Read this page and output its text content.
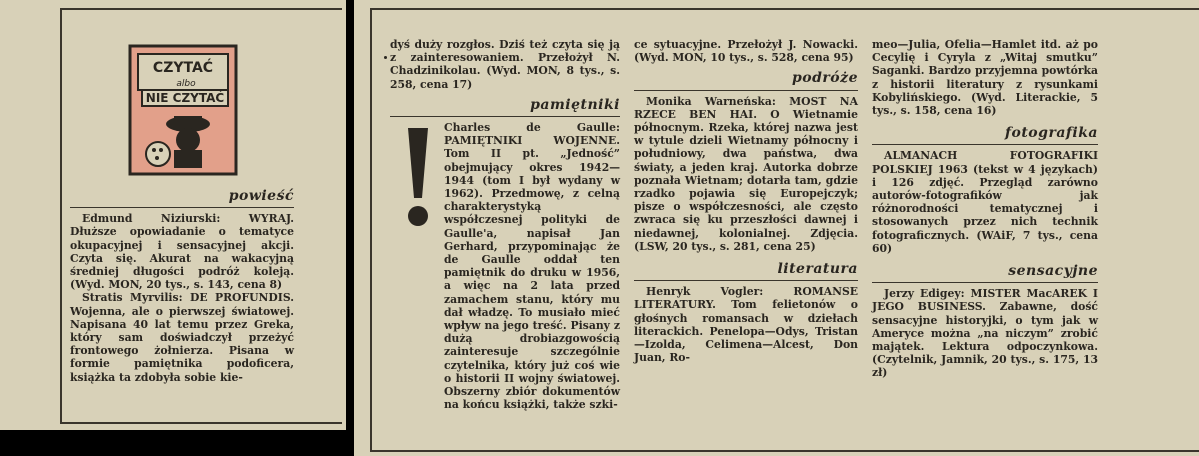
CZYTAĆ
albo
NIE CZYTAĆ
powieść

Edmund Niziurski: WYRAJ. Dłuższe opowiadanie o tematyce okupacyjnej i sensacyjnej akcji. Czyta się. Akurat na wakacyjną średniej długości podróż koleją. (Wyd. MON, 20 tys., s. 143, cena 8)

Stratis Myrvilis: DE PROFUNDIS. Wojenna, ale o pierwszej światowej. Napisana 40 lat temu przez Greka, który sam doświadczył przeżyć frontowego żołnierza. Pisana w formie pamiętnika podoficera, książka ta zdobyła sobie kie-

dyś duży rozgłos. Dziś też czyta się ją z zainteresowaniem. Przełożył N. Chadzinikolau. (Wyd. MON, 8 tys., s. 258, cena 17)

pamiętniki

Charles de Gaulle: PAMIĘTNIKI WOJENNE. Tom II pt. „Jedność” obejmujący okres 1942—1944 (tom I był wydany w 1962). Przedmowę, z celną charakterystyką współczesnej polityki de Gaulle'a, napisał Jan Gerhard, przypominając że de Gaulle oddał ten pamiętnik do druku w 1956, a więc na 2 lata przed zamachem stanu, który mu dał władzę. To musiało mieć wpływ na jego treść. Pisany z dużą drobiazgowością zainteresuje szczególnie czytelnika, który już coś wie o historii II wojny światowej. Obszerny zbiór dokumentów na końcu książki, także szki-

ce sytuacyjne. Przełożył J. Nowacki. (Wyd. MON, 10 tys., s. 528, cena 95)

podróże

Monika Warneńska: MOST NA RZECE BEN HAI. O Wietnamie północnym. Rzeka, której nazwa jest w tytule dzieli Wietnamy północny i południowy, dwa państwa, dwa światy, a jeden kraj. Autorka dobrze poznała Wietnam; dotarła tam, gdzie rzadko pojawia się Europejczyk; pisze o współczesności, ale często zwraca się ku przeszłości dawnej i niedawnej, kolonialnej. Zdjęcia. (LSW, 20 tys., s. 281, cena 25)

literatura

Henryk Vogler: ROMANSE LITERATURY. Tom felietonów o głośnych romansach w dziełach literackich. Penelopa—Odys, Tristan—Izolda, Celimena—Alcest, Don Juan, Ro-

meo—Julia, Ofelia—Hamlet itd. aż po Cecylię i Cyryla z „Witaj smutku” Saganki. Bardzo przyjemna powtórka z historii literatury z rysunkami Kobylińskiego. (Wyd. Literackie, 5 tys., s. 158, cena 16)

fotografika

ALMANACH FOTOGRAFIKI POLSKIEJ 1963 (tekst w 4 językach) i 126 zdjęć. Przegląd zarówno autorów-fotografików jak różnorodności tematycznej i stosowanych przez nich technik fotograficznych. (WAiF, 7 tys., cena 60)

sensacyjne

Jerzy Edigey: MISTER MacAREK I JEGO BUSINESS. Zabawne, dość sensacyjne historyjki, o tym jak w Ameryce można „na niczym” zrobić majątek. Lektura odpoczynkowa. (Czytelnik, Jamnik, 20 tys., s. 175, 13 zł)
